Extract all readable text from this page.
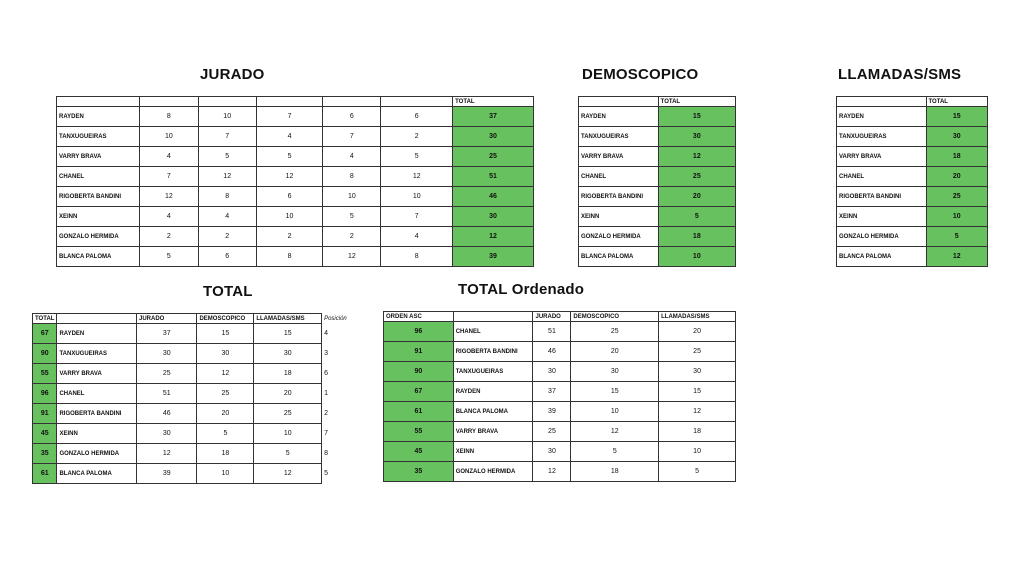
JURADO	DEMOSCOPICO	LLAMADAS/SMS
TOTAL	TOTAL Ordenado
						TOTAL
RAYDEN	8	10	7	6	6	37
TANXUGUEIRAS	10	7	4	7	2	30
VARRY BRAVA	4	5	5	4	5	25
CHANEL	7	12	12	8	12	51
RIGOBERTA BANDINI	12	8	6	10	10	46
XEINN	4	4	10	5	7	30
GONZALO HERMIDA	2	2	2	2	4	12
BLANCA PALOMA	5	6	8	12	8	39
	TOTAL
RAYDEN	15
TANXUGUEIRAS	30
VARRY BRAVA	12
CHANEL	25
RIGOBERTA BANDINI	20
XEINN	5
GONZALO HERMIDA	18
BLANCA PALOMA	10
	TOTAL
RAYDEN	15
TANXUGUEIRAS	30
VARRY BRAVA	18
CHANEL	20
RIGOBERTA BANDINI	25
XEINN	10
GONZALO HERMIDA	5
BLANCA PALOMA	12
TOTAL		JURADO	DEMOSCOPICO	LLAMADAS/SMS	Posición
67	RAYDEN	37	15	15	4
90	TANXUGUEIRAS	30	30	30	3
55	VARRY BRAVA	25	12	18	6
96	CHANEL	51	25	20	1
91	RIGOBERTA BANDINI	46	20	25	2
45	XEINN	30	5	10	7
35	GONZALO HERMIDA	12	18	5	8
61	BLANCA PALOMA	39	10	12	5
ORDEN ASC		JURADO	DEMOSCOPICO	LLAMADAS/SMS
96	CHANEL	51	25	20
91	RIGOBERTA BANDINI	46	20	25
90	TANXUGUEIRAS	30	30	30
67	RAYDEN	37	15	15
61	BLANCA PALOMA	39	10	12
55	VARRY BRAVA	25	12	18
45	XEINN	30	5	10
35	GONZALO HERMIDA	12	18	5
